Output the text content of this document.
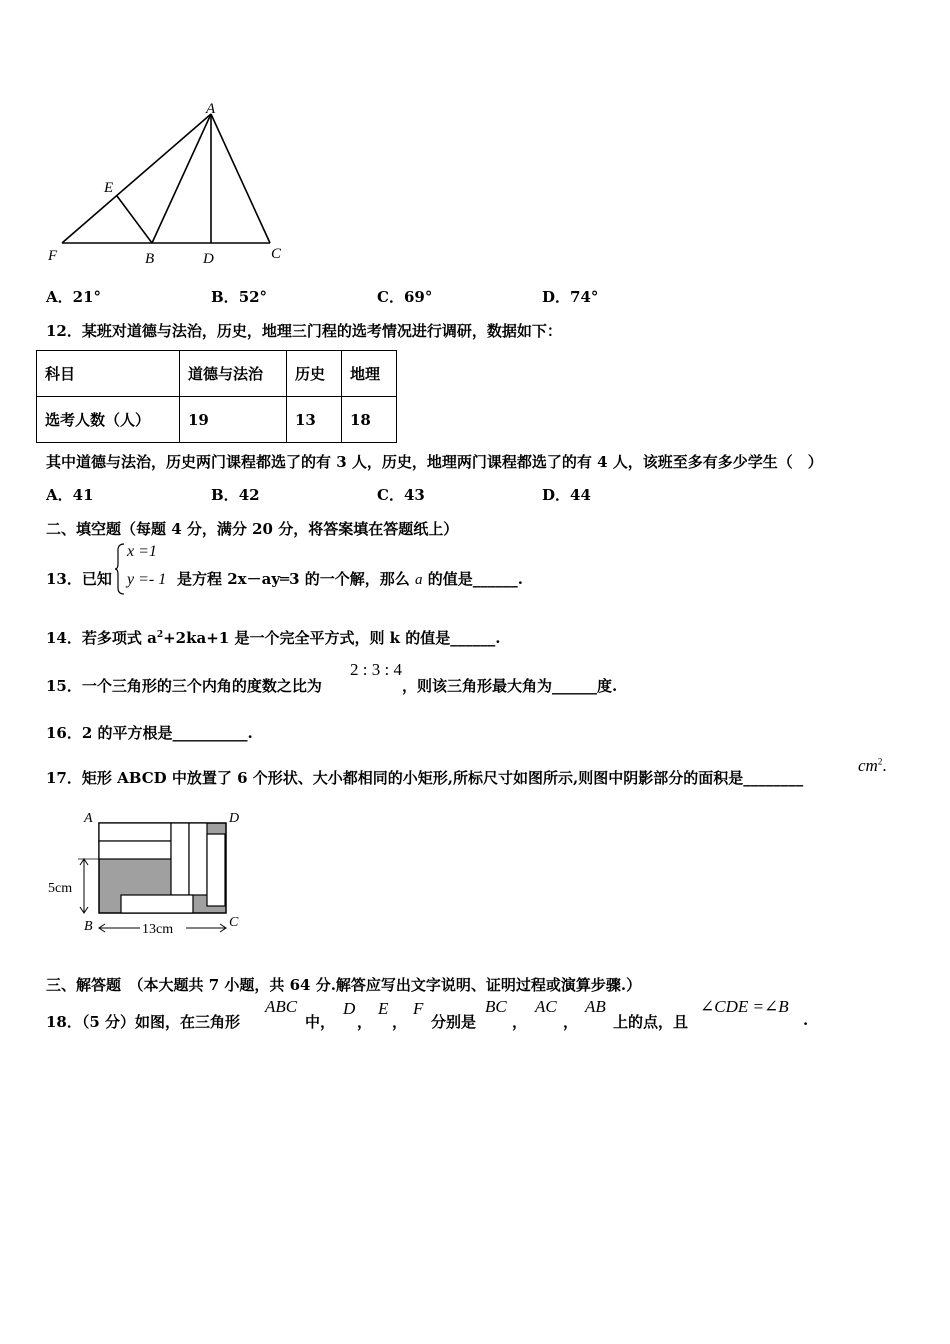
A
E
F	B	D	C
A．21°	B．52°	C．69°	D．74°
12．某班对道德与法治，历史，地理三门程的选考情况进行调研，数据如下：
科目	道德与法治	历史	地理
选考人数（人）	19	13	18
其中道德与法治，历史两门课程都选了的有 3 人，历史，地理两门课程都选了的有 4 人，该班至多有多少学生（　）
A．41	B．42	C．43	D．44
二、填空题（每题 4 分，满分 20 分，将答案填在答题纸上）
13．已知
x =1
y =- 1 是方程 2x－ay═3 的一个解，那么 a 的值是______.
14．若多项式 $a^2+2ka+1$ 是一个完全平方式，则 k 的值是______.
15．一个三角形的三个内角的度数之比为
2 : 3 : 4
，则该三角形最大角为______度.
16．2 的平方根是__________.
17．矩形 ABCD 中放置了 6 个形状、大小都相同的小矩形,所标尺寸如图所示,则图中阴影部分的面积是________
$cm^2$.
A	D
B	C
5cm
13cm
三、解答题　（本大题共 7 小题，共 64 分.解答应写出文字说明、证明过程或演算步骤.）
18．（5 分）如图，在三角形
ABC
中，
D
，
E
，
F
分别是
BC
，
AC
，
AB
上的点，且
∠CDE =∠B
.
